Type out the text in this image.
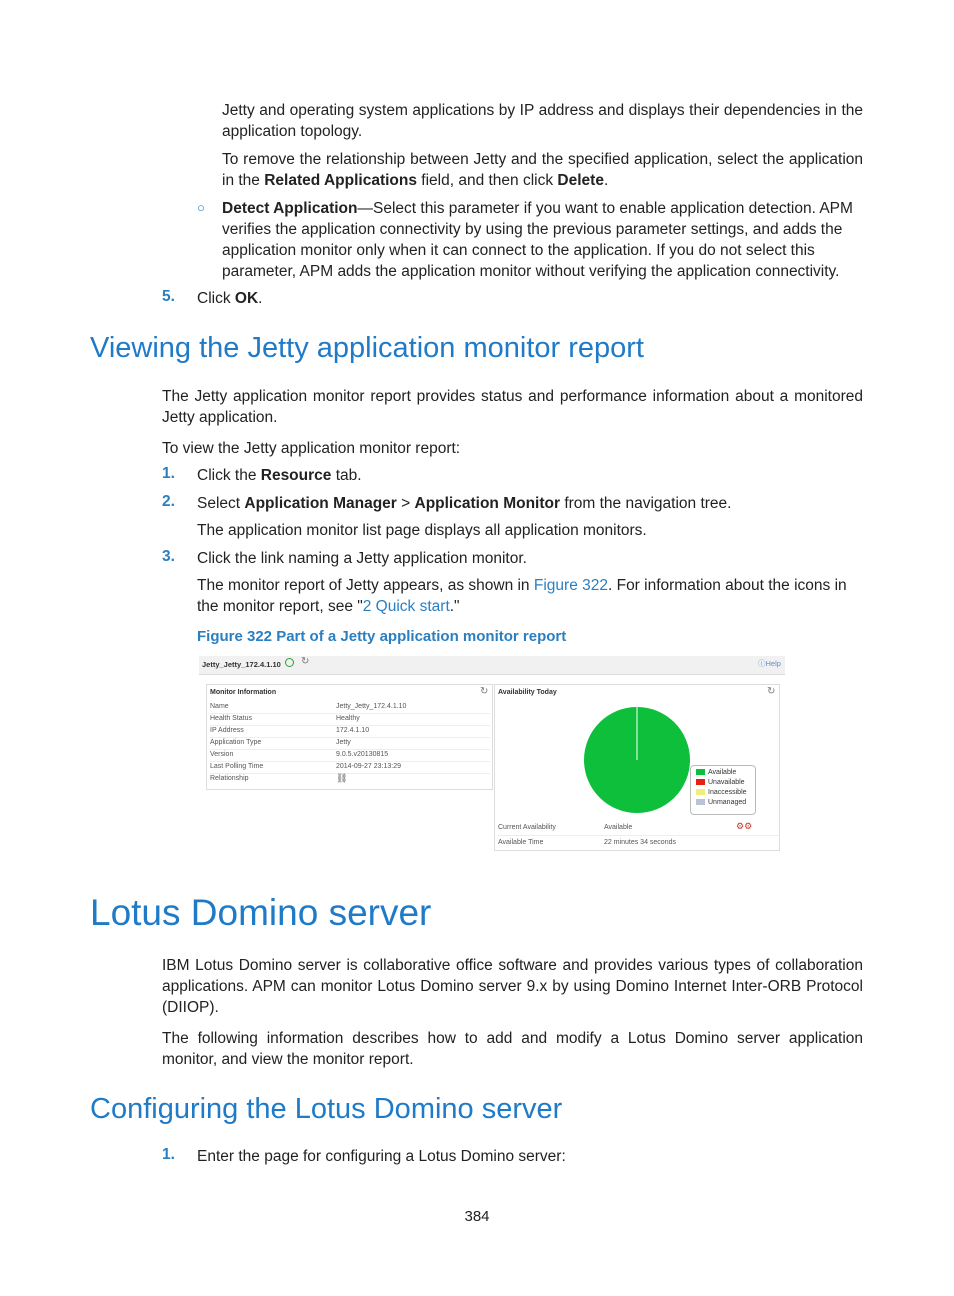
Jetty and operating system applications by IP address and displays their dependencies in the application topology.

To remove the relationship between Jetty and the specified application, select the application in the Related Applications field, and then click Delete.

○ Detect Application—Select this parameter if you want to enable application detection. APM verifies the application connectivity by using the previous parameter settings, and adds the application monitor only when it can connect to the application. If you do not select this parameter, APM adds the application monitor without verifying the application connectivity.

5. Click OK.

Viewing the Jetty application monitor report

The Jetty application monitor report provides status and performance information about a monitored Jetty application.

To view the Jetty application monitor report:

1. Click the Resource tab.

2. Select Application Manager > Application Monitor from the navigation tree.

The application monitor list page displays all application monitors.

3. Click the link naming a Jetty application monitor.

The monitor report of Jetty appears, as shown in Figure 322. For information about the icons in the monitor report, see "2 Quick start."

Figure 322 Part of a Jetty application monitor report
Jetty_Jetty_172.4.1.10 ↻	ⓘHelp
Monitor Information	↻
Name	Jetty_Jetty_172.4.1.10
Health Status	Healthy
IP Address	172.4.1.10
Application Type	Jetty
Version	9.0.5.v20130815
Last Polling Time	2014-09-27 23:13:29
Relationship	⛓
Availability Today	↻
Available
Unavailable
Inaccessible
Unmanaged
Current Availability	Available	⚙⚙
Available Time	22 minutes 34 seconds
Lotus Domino server

IBM Lotus Domino server is collaborative office software and provides various types of collaboration applications. APM can monitor Lotus Domino server 9.x by using Domino Internet Inter-ORB Protocol (DIIOP).

The following information describes how to add and modify a Lotus Domino server application monitor, and view the monitor report.

Configuring the Lotus Domino server
1. Enter the page for configuring a Lotus Domino server:

384
